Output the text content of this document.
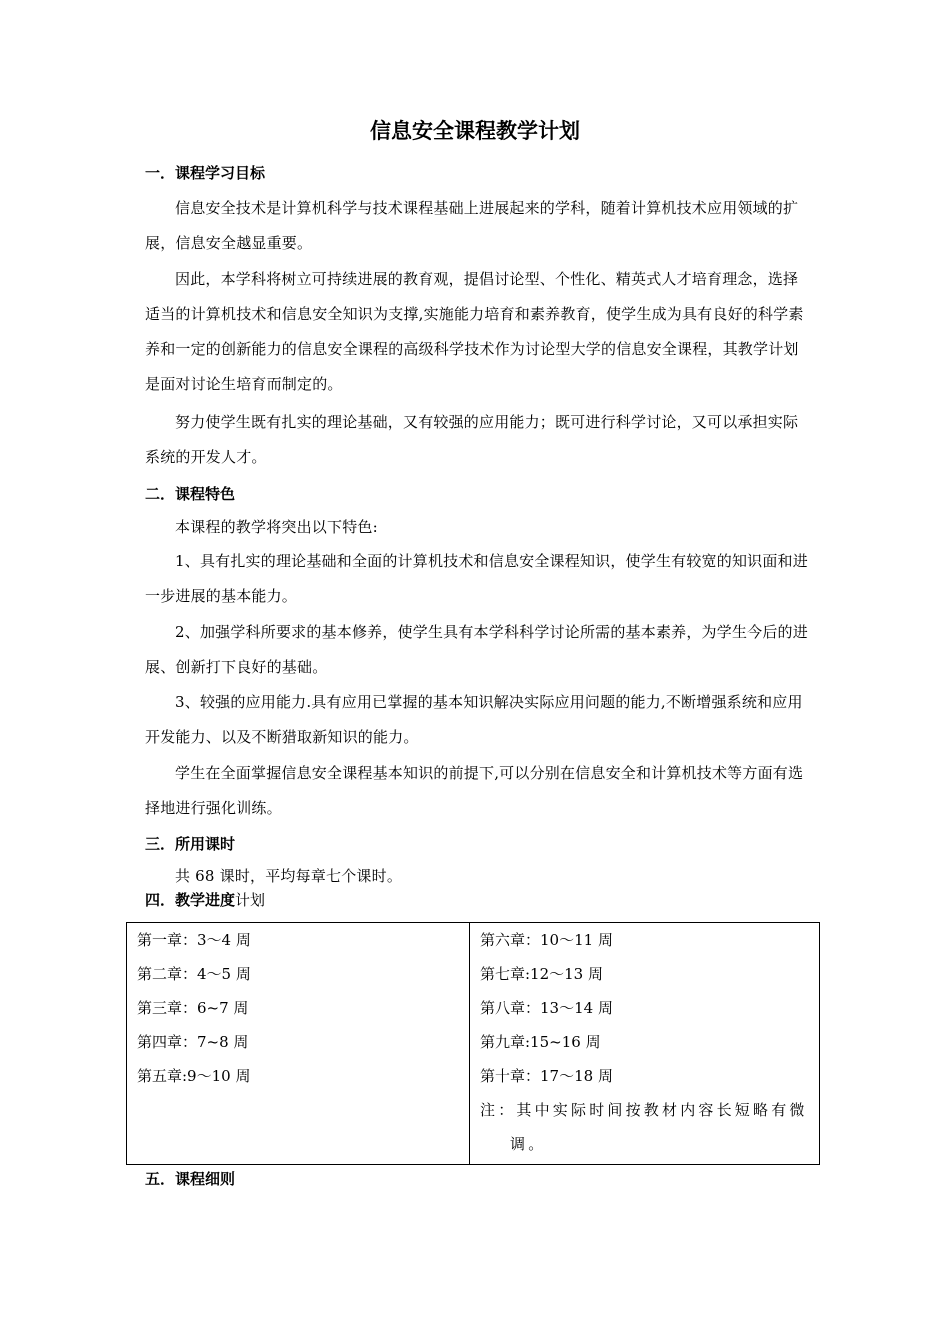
信息安全课程教学计划
一．课程学习目标
信息安全技术是计算机科学与技术课程基础上进展起来的学科，随着计算机技术应用领域的扩展，信息安全越显重要。
因此，本学科将树立可持续进展的教育观，提倡讨论型、个性化、精英式人才培育理念，选择适当的计算机技术和信息安全知识为支撑,实施能力培育和素养教育，使学生成为具有良好的科学素养和一定的创新能力的信息安全课程的高级科学技术作为讨论型大学的信息安全课程，其教学计划是面对讨论生培育而制定的。
努力使学生既有扎实的理论基础，又有较强的应用能力；既可进行科学讨论，又可以承担实际系统的开发人才。
二．课程特色
本课程的教学将突出以下特色:
1、具有扎实的理论基础和全面的计算机技术和信息安全课程知识，使学生有较宽的知识面和进一步进展的基本能力。
2、加强学科所要求的基本修养，使学生具有本学科科学讨论所需的基本素养，为学生今后的进展、创新打下良好的基础。
3、较强的应用能力.具有应用已掌握的基本知识解决实际应用问题的能力,不断增强系统和应用开发能力、以及不断猎取新知识的能力。
学生在全面掌握信息安全课程基本知识的前提下,可以分别在信息安全和计算机技术等方面有选择地进行强化训练。
三．所用课时
共 68 课时，平均每章七个课时。
四．教学进度计划
第一章：3～4 周
第二章：4～5 周
第三章：6~7 周
第四章：7~8 周
第五章:9～10 周

第六章：10～11 周
第七章:12～13 周
第八章：13～14 周
第九章:15~16 周
第十章：17～18 周
注：其中实际时间按教材内容长短略有微
调。
五．课程细则
